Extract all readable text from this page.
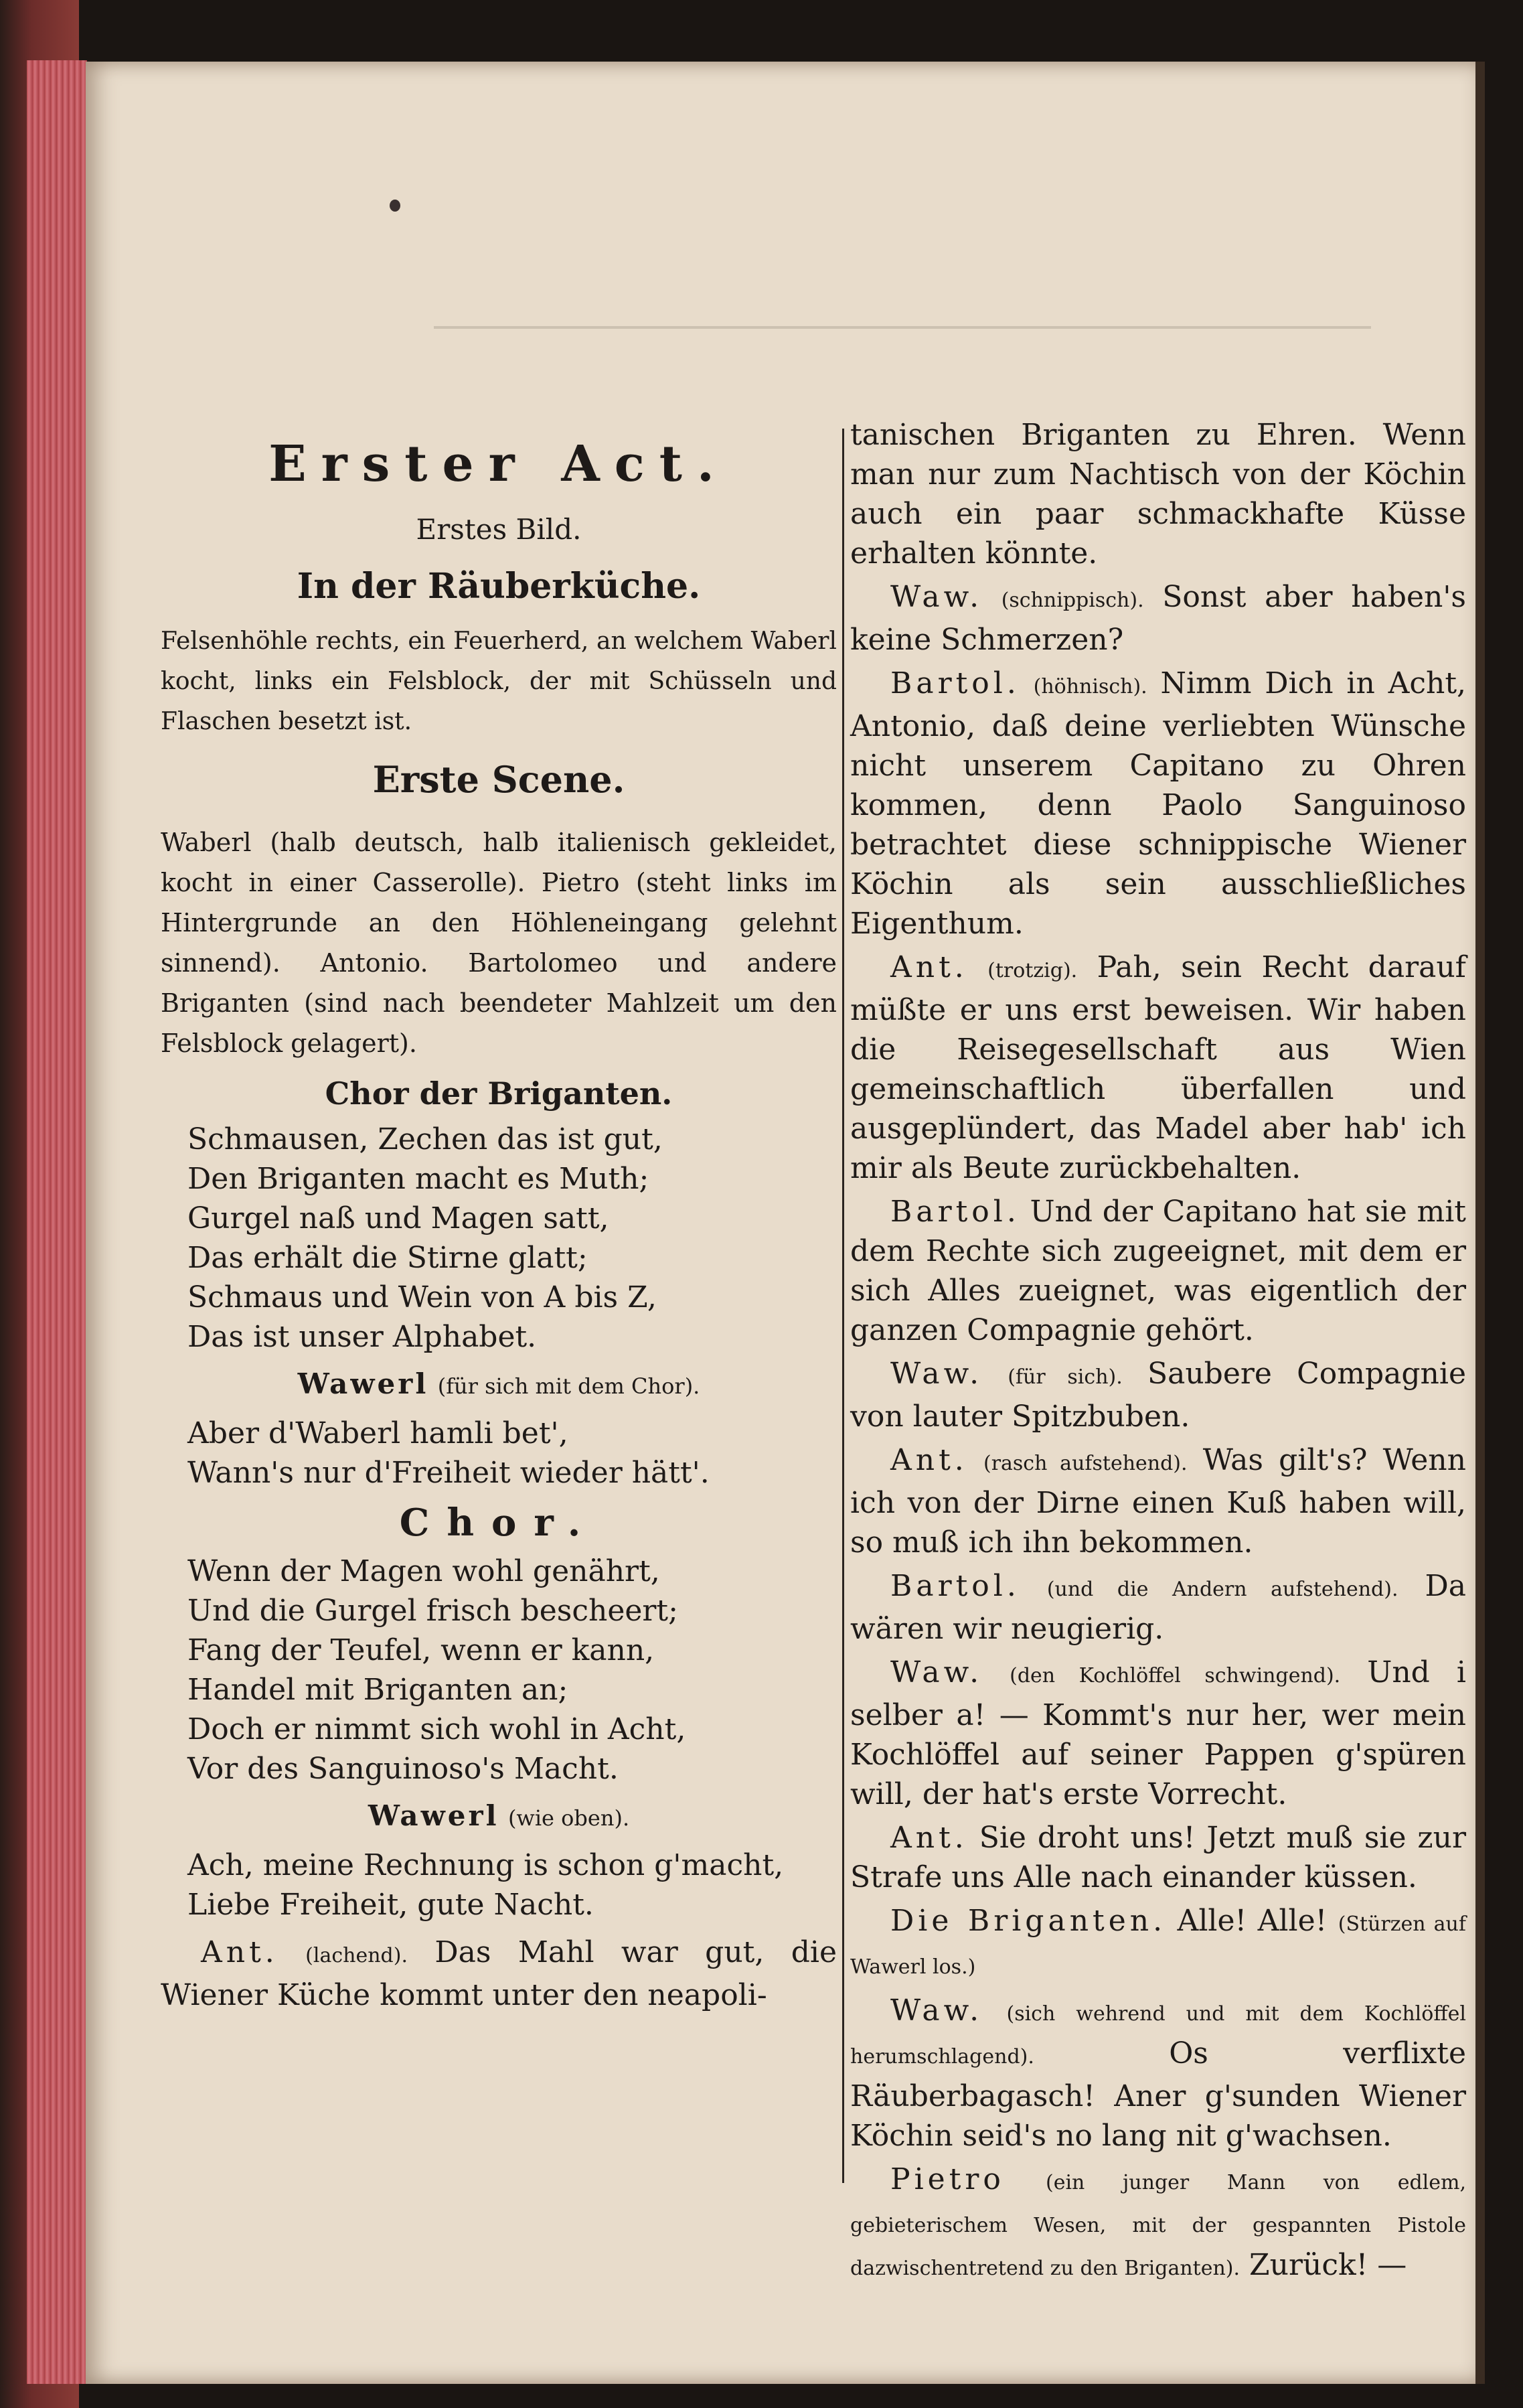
Erster Act.
Erstes Bild.
In der Räuberküche.
Felsenhöhle rechts, ein Feuerherd, an welchem Waberl kocht, links ein Felsblock, der mit Schüsseln und Flaschen besetzt ist.
Erste Scene.
Waberl (halb deutsch, halb italienisch gekleidet, kocht in einer Casserolle). Pietro (steht links im Hintergrunde an den Höhleneingang gelehnt sinnend). Antonio. Bartolomeo und andere Briganten (sind nach beendeter Mahlzeit um den Felsblock gelagert).
Chor der Briganten.
Schmausen, Zechen das ist gut,
Den Briganten macht es Muth;
Gurgel naß und Magen satt,
Das erhält die Stirne glatt;
Schmaus und Wein von A bis Z,
Das ist unser Alphabet.
Wawerl (für sich mit dem Chor).
Aber d'Waberl hamli bet',
Wann's nur d'Freiheit wieder hätt'.
Chor.
Wenn der Magen wohl genährt,
Und die Gurgel frisch bescheert;
Fang der Teufel, wenn er kann,
Handel mit Briganten an;
Doch er nimmt sich wohl in Acht,
Vor des Sanguinoso's Macht.
Wawerl (wie oben).
Ach, meine Rechnung is schon g'macht,
Liebe Freiheit, gute Nacht.
Ant. (lachend). Das Mahl war gut, die Wiener Küche kommt unter den neapoli-
tanischen Briganten zu Ehren. Wenn man nur zum Nachtisch von der Köchin auch ein paar schmackhafte Küsse erhalten könnte.
Waw. (schnippisch). Sonst aber haben's keine Schmerzen?
Bartol. (höhnisch). Nimm Dich in Acht, Antonio, daß deine verliebten Wünsche nicht unserem Capitano zu Ohren kommen, denn Paolo Sanguinoso betrachtet diese schnippische Wiener Köchin als sein ausschließliches Eigenthum.
Ant. (trotzig). Pah, sein Recht darauf müßte er uns erst beweisen. Wir haben die Reisegesellschaft aus Wien gemeinschaftlich überfallen und ausgeplündert, das Madel aber hab' ich mir als Beute zurückbehalten.
Bartol. Und der Capitano hat sie mit dem Rechte sich zugeeignet, mit dem er sich Alles zueignet, was eigentlich der ganzen Compagnie gehört.
Waw. (für sich). Saubere Compagnie von lauter Spitzbuben.
Ant. (rasch aufstehend). Was gilt's? Wenn ich von der Dirne einen Kuß haben will, so muß ich ihn bekommen.
Bartol. (und die Andern aufstehend). Da wären wir neugierig.
Waw. (den Kochlöffel schwingend). Und i selber a! — Kommt's nur her, wer mein Kochlöffel auf seiner Pappen g'spüren will, der hat's erste Vorrecht.
Ant. Sie droht uns! Jetzt muß sie zur Strafe uns Alle nach einander küssen.
Die Briganten. Alle! Alle! (Stürzen auf Wawerl los.)
Waw. (sich wehrend und mit dem Kochlöffel herumschlagend).	Os verflixte Räuberbagasch! Aner g'sunden Wiener Köchin seid's no lang nit g'wachsen.
Pietro (ein junger Mann von edlem, gebieterischem Wesen, mit der gespannten Pistole dazwischentretend zu den Briganten). Zurück! —
